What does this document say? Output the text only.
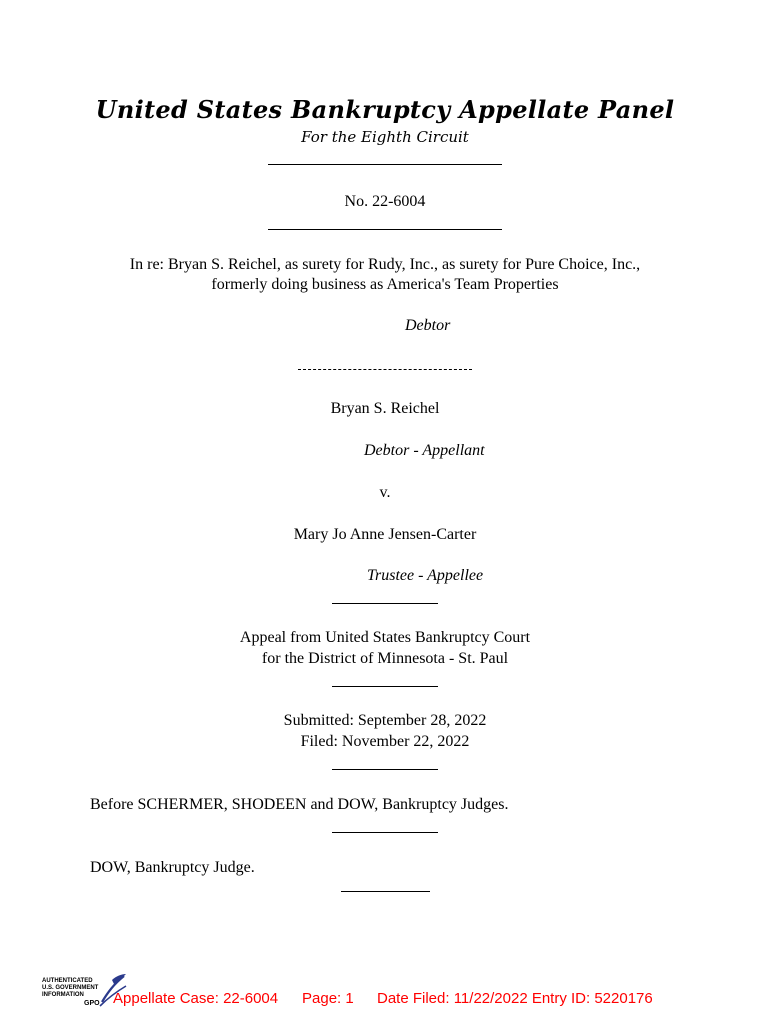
United States Bankruptcy Appellate Panel
For the Eighth Circuit
No. 22-6004
In re: Bryan S. Reichel, as surety for Rudy, Inc., as surety for Pure Choice, Inc.,
formerly doing business as America's Team Properties
Debtor
Bryan S. Reichel
Debtor - Appellant
v.
Mary Jo Anne Jensen-Carter
Trustee - Appellee
Appeal from United States Bankruptcy Court
for the District of Minnesota - St. Paul
Submitted: September 28, 2022
Filed: November 22, 2022
Before SCHERMER, SHODEEN and DOW, Bankruptcy Judges.
DOW, Bankruptcy Judge.
AUTHENTICATED
U.S. GOVERNMENT
INFORMATION
GPO Appellate Case: 22-6004 Page: 1 Date Filed: 11/22/2022 Entry ID: 5220176
